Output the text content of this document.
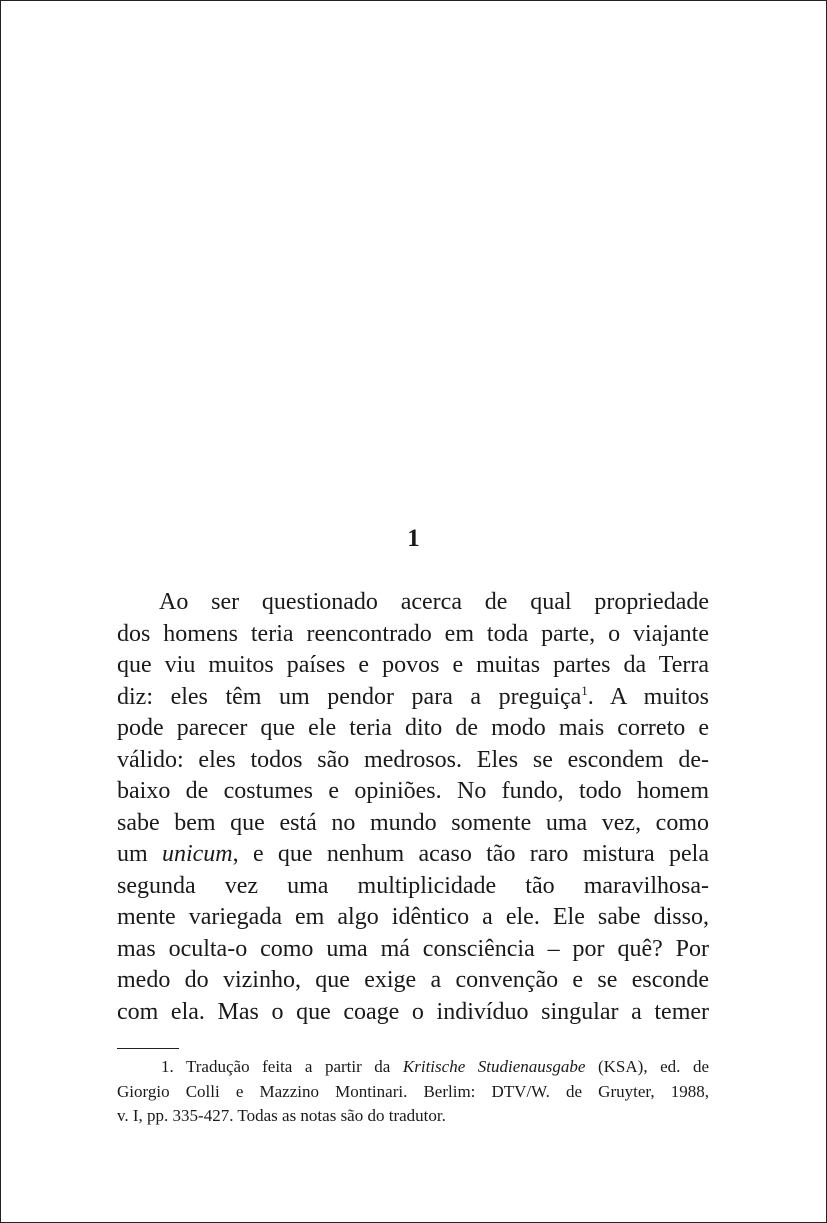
1
Ao ser questionado acerca de qual propriedade
dos homens teria reencontrado em toda parte, o viajante
que viu muitos países e povos e muitas partes da Terra
diz: eles têm um pendor para a preguiça$^1$. A muitos
pode parecer que ele teria dito de modo mais correto e
válido: eles todos são medrosos. Eles se escondem de-
baixo de costumes e opiniões. No fundo, todo homem
sabe bem que está no mundo somente uma vez, como
um unicum, e que nenhum acaso tão raro mistura pela
segunda vez uma multiplicidade tão maravilhosa-
mente variegada em algo idêntico a ele. Ele sabe disso,
mas oculta-o como uma má consciência – por quê? Por
medo do vizinho, que exige a convenção e se esconde
com ela. Mas o que coage o indivíduo singular a temer
1. Tradução feita a partir da Kritische Studienausgabe (KSA), ed. de
Giorgio Colli e Mazzino Montinari. Berlim: DTV/W. de Gruyter, 1988,
v. I, pp. 335-427. Todas as notas são do tradutor.
